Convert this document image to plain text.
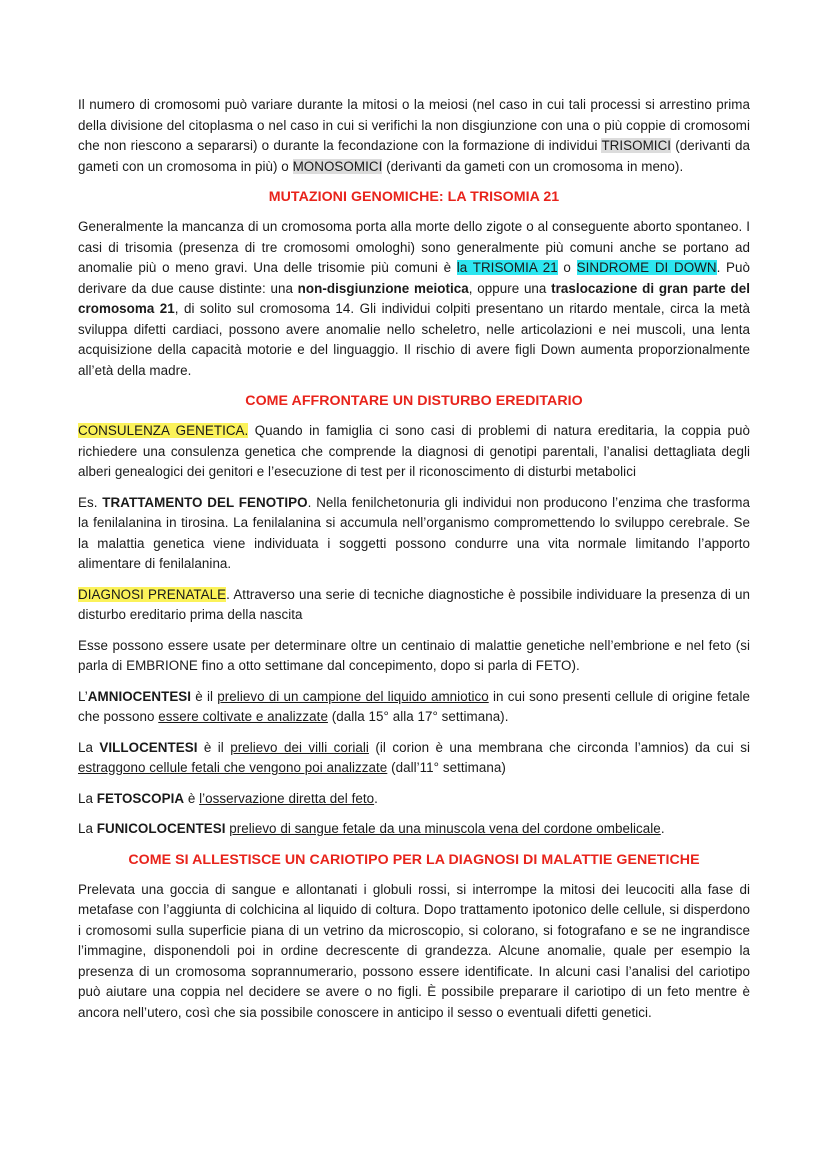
Il numero di cromosomi può variare durante la mitosi o la meiosi (nel caso in cui tali processi si arrestino prima della divisione del citoplasma o nel caso in cui si verifichi la non disgiunzione con una o più coppie di cromosomi che non riescono a separarsi) o durante la fecondazione con la formazione di individui TRISOMICI (derivanti da gameti con un cromosoma in più) o MONOSOMICI (derivanti da gameti con un cromosoma in meno).

MUTAZIONI GENOMICHE: LA TRISOMIA 21

Generalmente la mancanza di un cromosoma porta alla morte dello zigote o al conseguente aborto spontaneo. I casi di trisomia (presenza di tre cromosomi omologhi) sono generalmente più comuni anche se portano ad anomalie più o meno gravi. Una delle trisomie più comuni è la TRISOMIA 21 o SINDROME DI DOWN. Può derivare da due cause distinte: una non-disgiunzione meiotica, oppure una traslocazione di gran parte del cromosoma 21, di solito sul cromosoma 14. Gli individui colpiti presentano un ritardo mentale, circa la metà sviluppa difetti cardiaci, possono avere anomalie nello scheletro, nelle articolazioni e nei muscoli, una lenta acquisizione della capacità motorie e del linguaggio. Il rischio di avere figli Down aumenta proporzionalmente all’età della madre.

COME AFFRONTARE UN DISTURBO EREDITARIO

CONSULENZA GENETICA. Quando in famiglia ci sono casi di problemi di natura ereditaria, la coppia può richiedere una consulenza genetica che comprende la diagnosi di genotipi parentali, l’analisi dettagliata degli alberi genealogici dei genitori e l’esecuzione di test per il riconoscimento di disturbi metabolici

Es. TRATTAMENTO DEL FENOTIPO. Nella fenilchetonuria gli individui non producono l’enzima che trasforma la fenilalanina in tirosina. La fenilalanina si accumula nell’organismo compromettendo lo sviluppo cerebrale. Se la malattia genetica viene individuata i soggetti possono condurre una vita normale limitando l’apporto alimentare di fenilalanina.

DIAGNOSI PRENATALE. Attraverso una serie di tecniche diagnostiche è possibile individuare la presenza di un disturbo ereditario prima della nascita

Esse possono essere usate per determinare oltre un centinaio di malattie genetiche nell’embrione e nel feto (si parla di EMBRIONE fino a otto settimane dal concepimento, dopo si parla di FETO).

L’AMNIOCENTESI è il prelievo di un campione del liquido amniotico in cui sono presenti cellule di origine fetale che possono essere coltivate e analizzate (dalla 15° alla 17° settimana).

La VILLOCENTESI è il prelievo dei villi coriali (il corion è una membrana che circonda l’amnios) da cui si estraggono cellule fetali che vengono poi analizzate (dall’11° settimana)

La FETOSCOPIA è l’osservazione diretta del feto.

La FUNICOLOCENTESI prelievo di sangue fetale da una minuscola vena del cordone ombelicale.

COME SI ALLESTISCE UN CARIOTIPO PER LA DIAGNOSI DI MALATTIE GENETICHE

Prelevata una goccia di sangue e allontanati i globuli rossi, si interrompe la mitosi dei leucociti alla fase di metafase con l’aggiunta di colchicina al liquido di coltura. Dopo trattamento ipotonico delle cellule, si disperdono i cromosomi sulla superficie piana di un vetrino da microscopio, si colorano, si fotografano e se ne ingrandisce l’immagine, disponendoli poi in ordine decrescente di grandezza. Alcune anomalie, quale per esempio la presenza di un cromosoma soprannumerario, possono essere identificate. In alcuni casi l’analisi del cariotipo può aiutare una coppia nel decidere se avere o no figli. È possibile preparare il cariotipo di un feto mentre è ancora nell’utero, così che sia possibile conoscere in anticipo il sesso o eventuali difetti genetici.
